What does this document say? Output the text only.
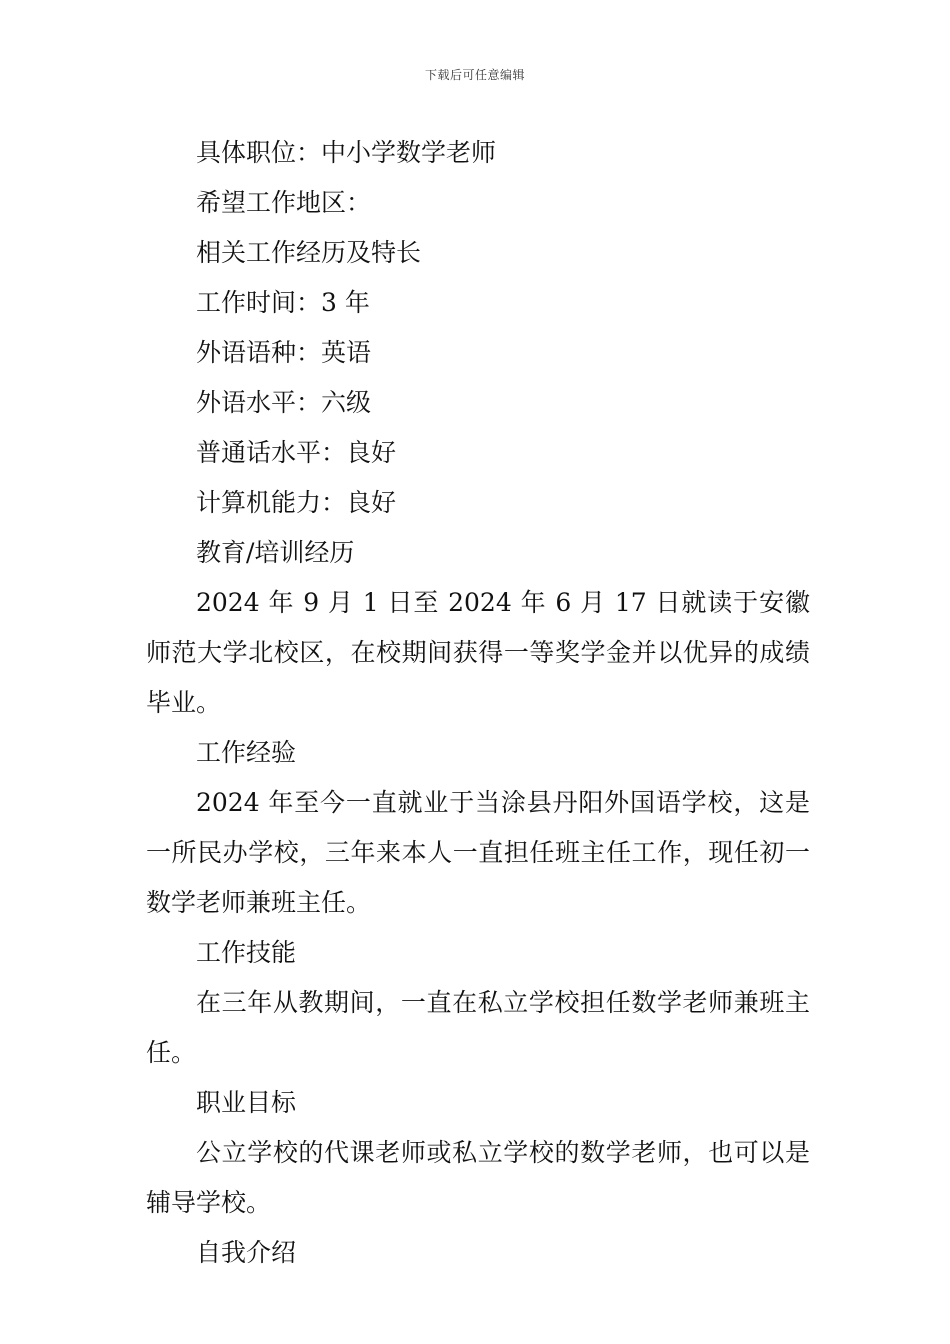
下载后可任意编辑

具体职位：中小学数学老师

希望工作地区：

相关工作经历及特长

工作时间：3 年

外语语种：英语

外语水平：六级

普通话水平：良好

计算机能力：良好

教育/培训经历

2024 年 9 月 1 日至 2024 年 6 月 17 日就读于安徽师范大学北校区，在校期间获得一等奖学金并以优异的成绩毕业。

工作经验

2024 年至今一直就业于当涂县丹阳外国语学校，这是一所民办学校，三年来本人一直担任班主任工作，现任初一数学老师兼班主任。

工作技能

在三年从教期间，一直在私立学校担任数学老师兼班主任。

职业目标

公立学校的代课老师或私立学校的数学老师，也可以是辅导学校。

自我介绍
